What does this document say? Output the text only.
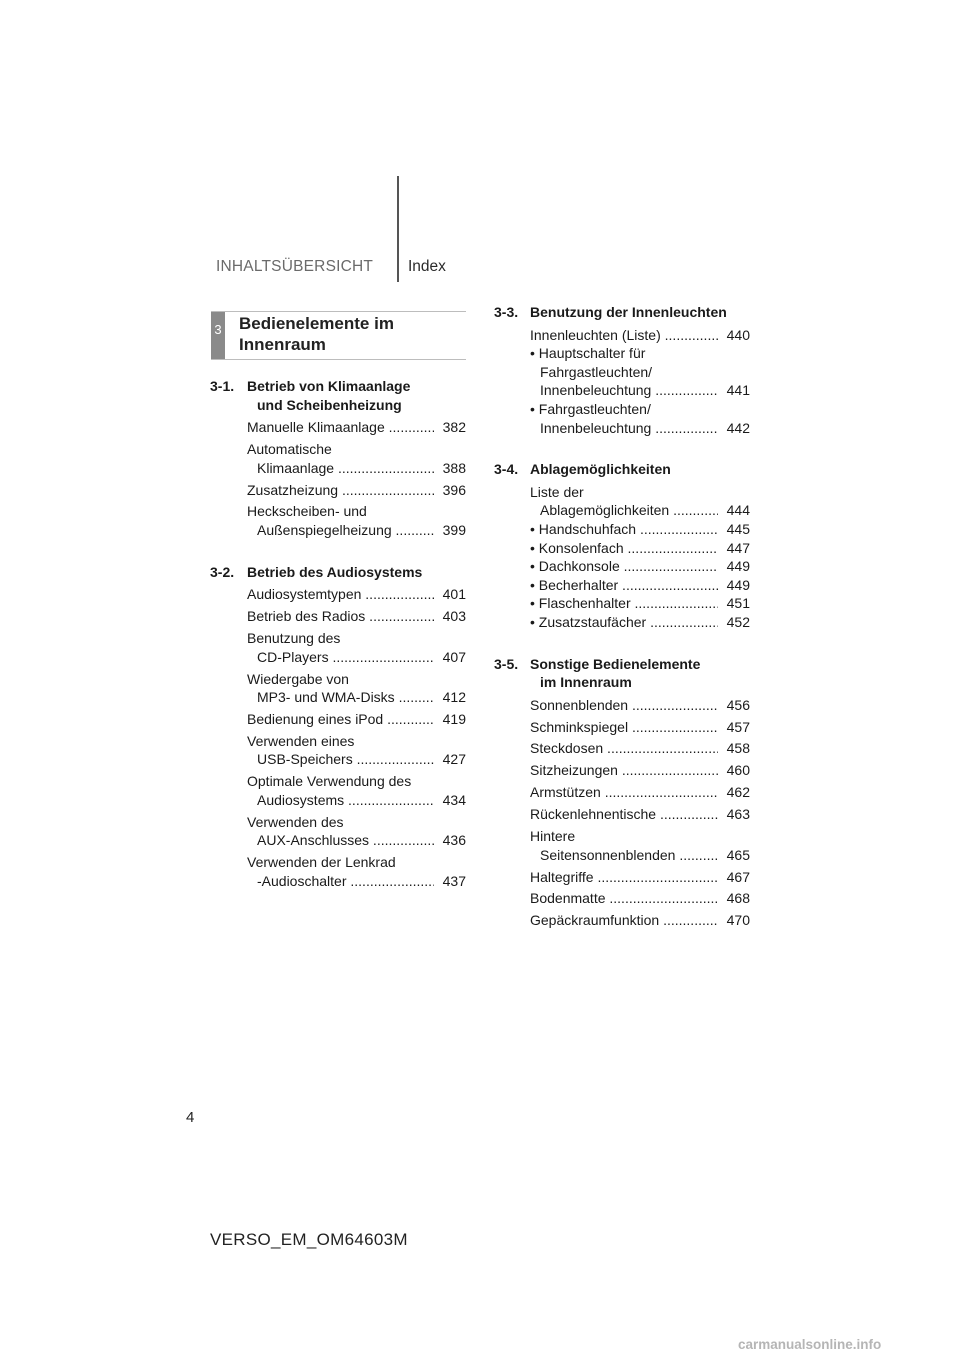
INHALTSÜBERSICHT Index
3 Bedienelemente im
Innenraum
3-1. Betrieb von Klimaanlage
und Scheibenheizung
Manuelle Klimaanlage .....	382
Automatische
Klimaanlage .....	388
Zusatzheizung .....	396
Heckscheiben- und
Außenspiegelheizung .....	399
3-2. Betrieb des Audiosystems
Audiosystemtypen .....	401
Betrieb des Radios .....	403
Benutzung des
CD-Players .....	407
Wiedergabe von
MP3- und WMA-Disks .....	412
Bedienung eines iPod .....	419
Verwenden eines
USB-Speichers .....	427
Optimale Verwendung des
Audiosystems .....	434
Verwenden des
AUX-Anschlusses .....	436
Verwenden der Lenkrad
-Audioschalter .....	437
3-3. Benutzung der Innenleuchten
Innenleuchten (Liste) .....	440
• Hauptschalter für
Fahrgastleuchten/
Innenbeleuchtung .....	441
• Fahrgastleuchten/
Innenbeleuchtung .....	442
3-4. Ablagemöglichkeiten
Liste der
Ablagemöglichkeiten .....	444
• Handschuhfach .....	445
• Konsolenfach .....	447
• Dachkonsole .....	449
• Becherhalter .....	449
• Flaschenhalter .....	451
• Zusatzstaufächer .....	452
3-5. Sonstige Bedienelemente
im Innenraum
Sonnenblenden .....	456
Schminkspiegel .....	457
Steckdosen .....	458
Sitzheizungen .....	460
Armstützen .....	462
Rückenlehnentische .....	463
Hintere
Seitensonnenblenden .....	465
Haltegriffe .....	467
Bodenmatte .....	468
Gepäckraumfunktion .....	470
4
VERSO_EM_OM64603M
carmanualsonline.info
